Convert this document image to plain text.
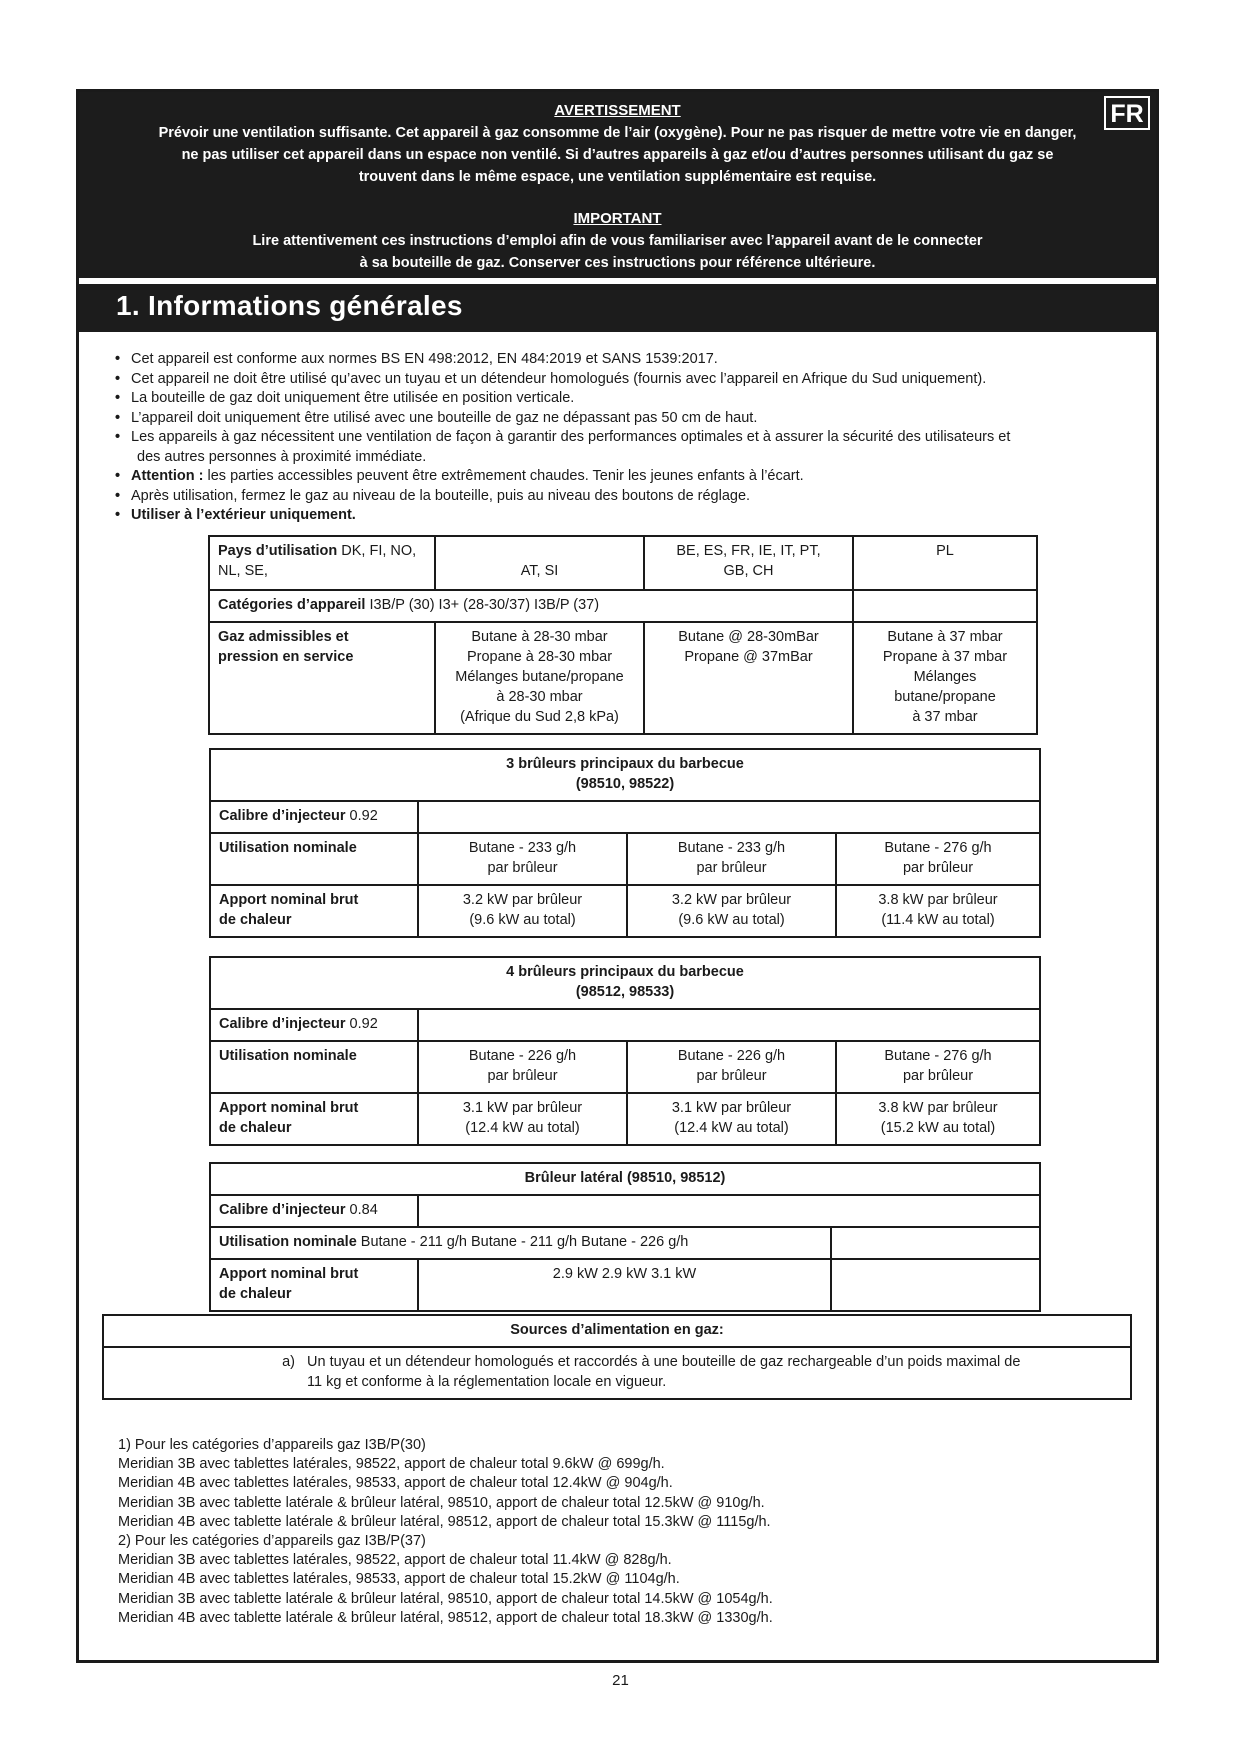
AVERTISSEMENT

Prévoir une ventilation suffisante. Cet appareil à gaz consomme de l’air (oxygène). Pour ne pas risquer de mettre votre vie en danger,

ne pas utiliser cet appareil dans un espace non ventilé. Si d’autres appareils à gaz et/ou d’autres personnes utilisant du gaz se

trouvent dans le même espace, une ventilation supplémentaire est requise.

IMPORTANT

Lire attentivement ces instructions d’emploi afin de vous familiariser avec l’appareil avant de le connecter

à sa bouteille de gaz. Conserver ces instructions pour référence ultérieure.

FR
1. Informations générales
• Cet appareil est conforme aux normes BS EN 498:2012, EN 484:2019 et SANS 1539:2017.
• Cet appareil ne doit être utilisé qu’avec un tuyau et un détendeur homologués (fournis avec l’appareil en Afrique du Sud uniquement).
• La bouteille de gaz doit uniquement être utilisée en position verticale.
• L’appareil doit uniquement être utilisé avec une bouteille de gaz ne dépassant pas 50 cm de haut.
• Les appareils à gaz nécessitent une ventilation de façon à garantir des performances optimales et à assurer la sécurité des utilisateurs et
des autres personnes à proximité immédiate.
• Attention : les parties accessibles peuvent être extrêmement chaudes. Tenir les jeunes enfants à l’écart.
• Après utilisation, fermez le gaz au niveau de la bouteille, puis au niveau des boutons de réglage.
• Utiliser à l’extérieur uniquement.
Pays d’utilisation DK, FI, NO, NL, SE,	AT, SI	BE, ES, FR, IE, IT, PT,
GB, CH	PL
Catégories d’appareil I3B/P (30) I3+ (28-30/37) I3B/P (37)			
Gaz admissibles et
pression en service	Butane à 28-30 mbar
Propane à 28-30 mbar
Mélanges butane/propane
à 28-30 mbar
(Afrique du Sud 2,8 kPa)	Butane @ 28-30mBar
Propane @ 37mBar	Butane à 37 mbar
Propane à 37 mbar
Mélanges butane/propane
à 37 mbar
3 brûleurs principaux du barbecue
(98510, 98522)			
Calibre d’injecteur 0.92			
Utilisation nominale	Butane - 233 g/h
par brûleur	Butane - 233 g/h
par brûleur	Butane - 276 g/h
par brûleur
Apport nominal brut
de chaleur	3.2 kW par brûleur
(9.6 kW au total)	3.2 kW par brûleur
(9.6 kW au total)	3.8 kW par brûleur
(11.4 kW au total)
4 brûleurs principaux du barbecue
(98512, 98533)			
Calibre d’injecteur 0.92			
Utilisation nominale	Butane - 226 g/h
par brûleur	Butane - 226 g/h
par brûleur	Butane - 276 g/h
par brûleur
Apport nominal brut
de chaleur	3.1 kW par brûleur
(12.4 kW au total)	3.1 kW par brûleur
(12.4 kW au total)	3.8 kW par brûleur
(15.2 kW au total)
Brûleur latéral (98510, 98512)		
Calibre d’injecteur 0.84		
Utilisation nominale Butane - 211 g/h Butane - 211 g/h Butane - 226 g/h		
Apport nominal brut
de chaleur	2.9 kW 2.9 kW 3.1 kW	
Sources d’alimentation en gaz:
a)	Un tuyau et un détendeur homologués et raccordés à une bouteille de gaz rechargeable d’un poids maximal de
11 kg et conforme à la réglementation locale en vigueur.
1) Pour les catégories d’appareils gaz I3B/P(30)
Meridian 3B avec tablettes latérales, 98522, apport de chaleur total 9.6kW @ 699g/h.
Meridian 4B avec tablettes latérales, 98533, apport de chaleur total 12.4kW @ 904g/h.
Meridian 3B avec tablette latérale & brûleur latéral, 98510, apport de chaleur total 12.5kW @ 910g/h.
Meridian 4B avec tablette latérale & brûleur latéral, 98512, apport de chaleur total 15.3kW @ 1115g/h.
2) Pour les catégories d’appareils gaz I3B/P(37)
Meridian 3B avec tablettes latérales, 98522, apport de chaleur total 11.4kW @ 828g/h.
Meridian 4B avec tablettes latérales, 98533, apport de chaleur total 15.2kW @ 1104g/h.
Meridian 3B avec tablette latérale & brûleur latéral, 98510, apport de chaleur total 14.5kW @ 1054g/h.
Meridian 4B avec tablette latérale & brûleur latéral, 98512, apport de chaleur total 18.3kW @ 1330g/h.
21
